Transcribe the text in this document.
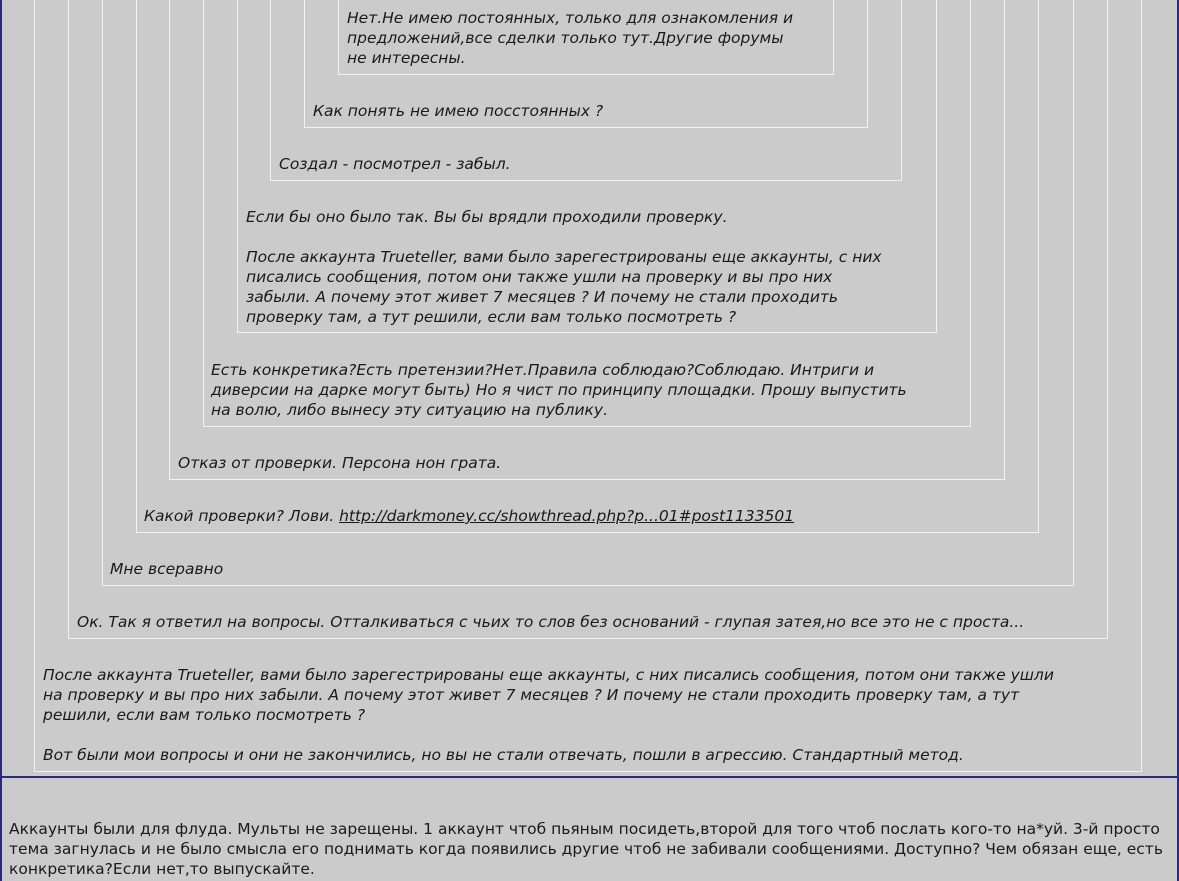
Нет.Не имею постоянных, только для ознакомления и
предложений,все сделки только тут.Другие форумы
не интересны.

Как понять не имею посстоянных ?

Создал - посмотрел - забыл.

Если бы оно было так. Вы бы врядли проходили проверку.

После аккаунта Trueteller, вами было зарегестрированы еще аккаунты, с них
писались сообщения, потом они также ушли на проверку и вы про них
забыли. А почему этот живет 7 месяцев ? И почему не стали проходить
проверку там, а тут решили, если вам только посмотреть ?

Есть конкретика?Есть претензии?Нет.Правила соблюдаю?Соблюдаю. Интриги и
диверсии на дарке могут быть) Но я чист по принципу площадки. Прошу выпустить
на волю, либо вынесу эту ситуацию на публику.

Отказ от проверки. Персона нон грата.

Какой проверки? Лови. http://darkmoney.cc/showthread.php?p...01#post1133501

Мне всеравно

Ок. Так я ответил на вопросы. Отталкиваться с чьих то слов без оснований - глупая затея,но все это не с проста...

После аккаунта Trueteller, вами было зарегестрированы еще аккаунты, с них писались сообщения, потом они также ушли
на проверку и вы про них забыли. А почему этот живет 7 месяцев ? И почему не стали проходить проверку там, а тут
решили, если вам только посмотреть ?

Вот были мои вопросы и они не закончились, но вы не стали отвечать, пошли в агрессию. Стандартный метод.

Аккаунты были для флуда. Мульты не зарещены. 1 аккаунт чтоб пьяным посидеть,второй для того чтоб послать кого-то на*уй. 3-й просто тема загнулась и не было смысла его поднимать когда появились другие чтоб не забивали сообщениями. Доступно? Чем обязан еще, есть конкретика?Если нет,то выпускайте.
